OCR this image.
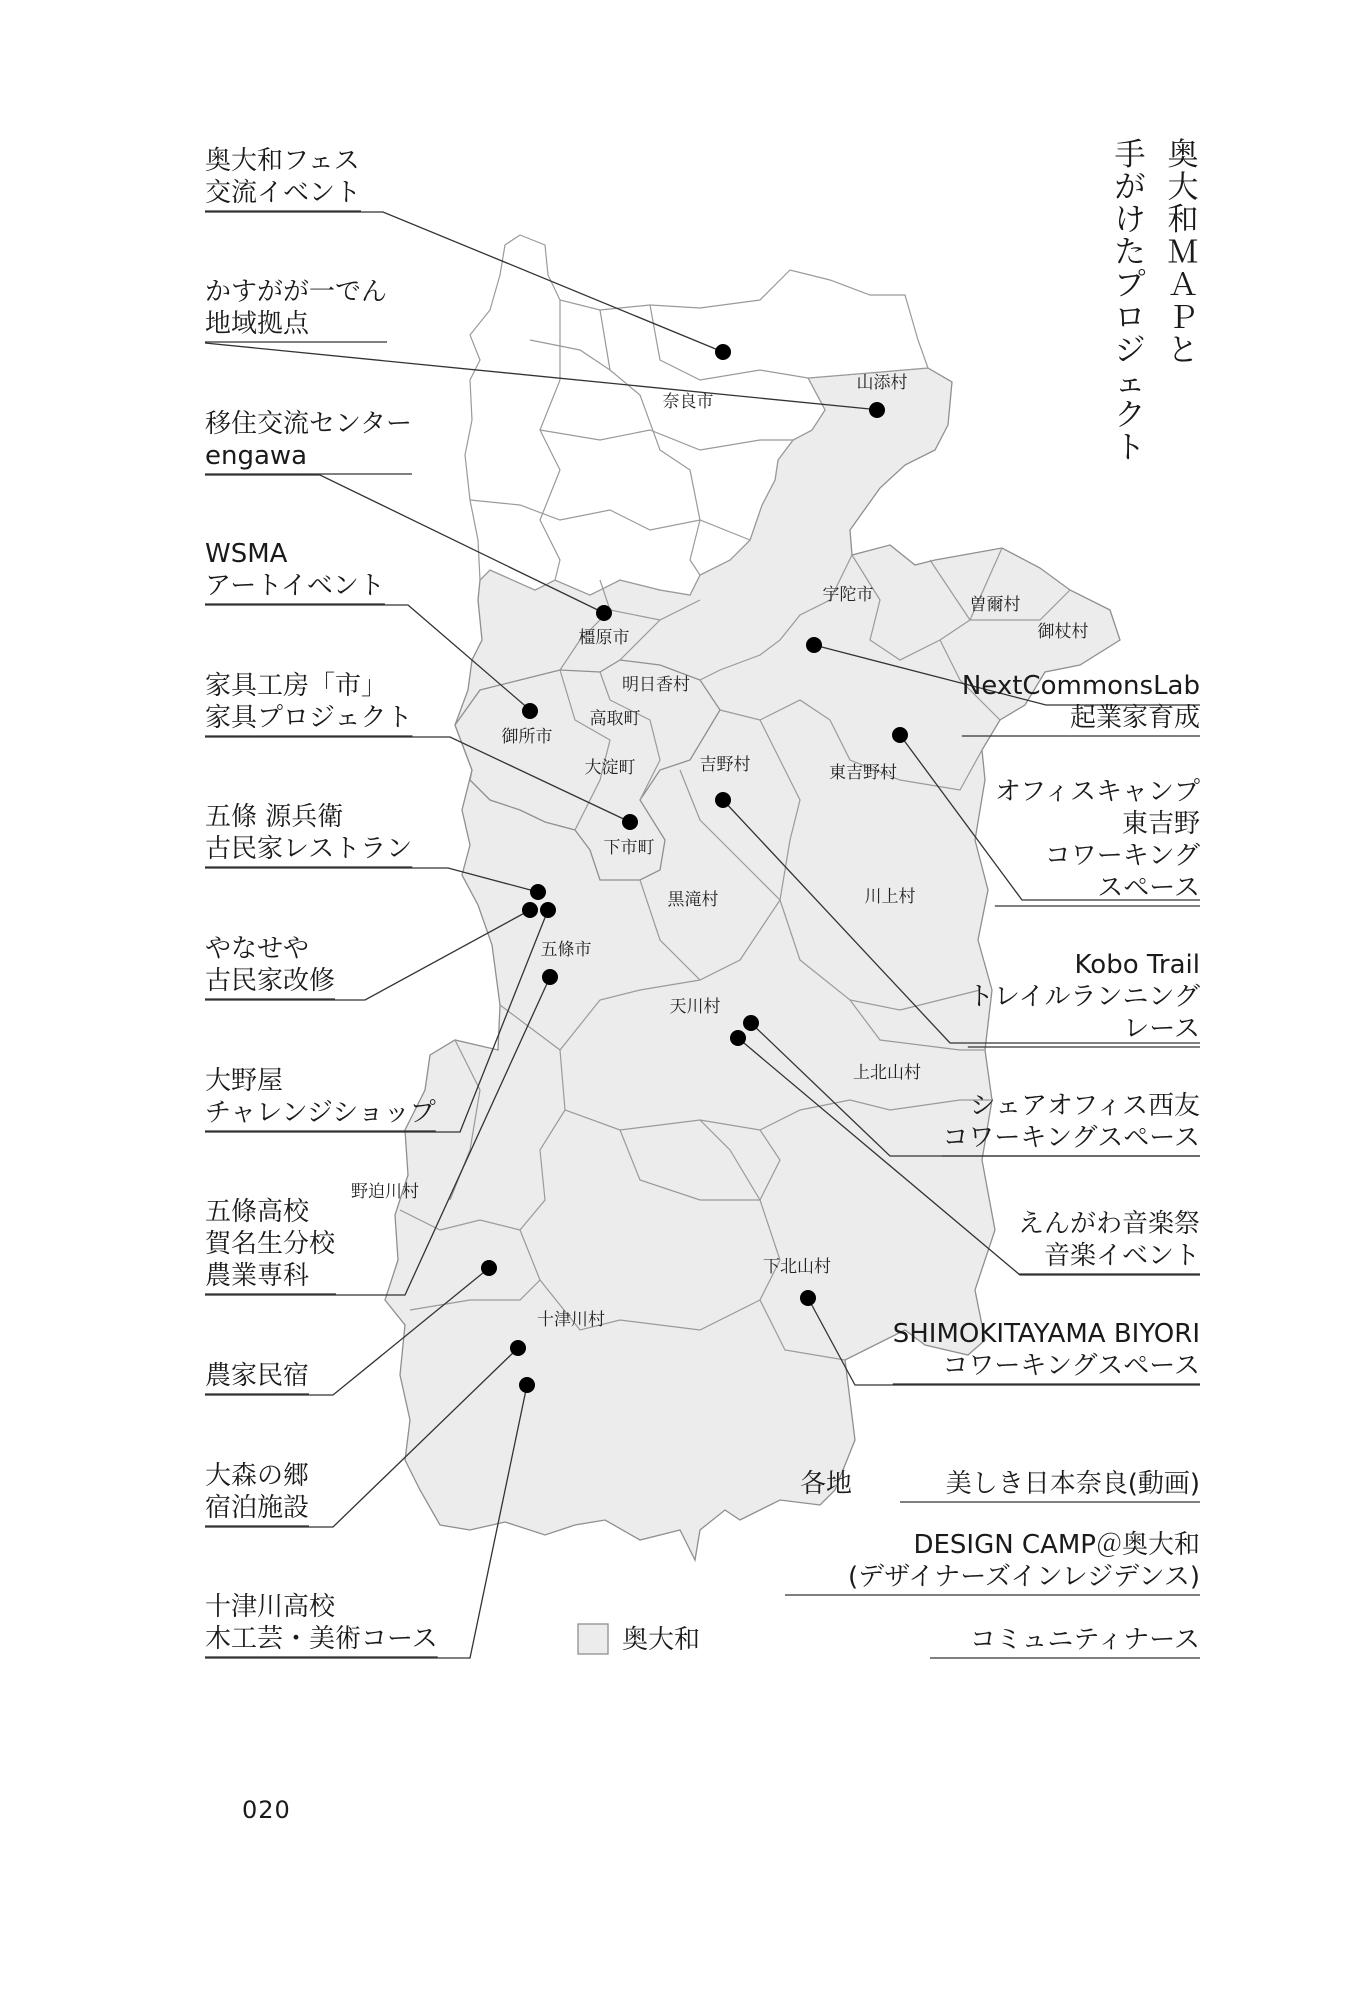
奥大和ＭＡＰと
手がけたプロジェクト
奈良市
山添村
宇陀市	曽爾村
御杖村
橿原市
明日香村
御所市
高取町
大淀町	吉野村	東吉野村
下市町
黒滝村	川上村
五條市
天川村
上北山村
野迫川村
下北山村
十津川村
奥大和フェス
交流イベント
かすがが一でん
地域拠点
移住交流センター
engawa
WSMA
アートイベント
家具工房「市」
家具プロジェクト
五條 源兵衛
古民家レストラン
やなせや
古民家改修
大野屋
チャレンジショップ
五條高校
賀名生分校
農業専科
農家民宿
大森の郷
宿泊施設
十津川高校
木工芸・美術コース
NextCommonsLab
起業家育成
オフィスキャンプ
東吉野
コワーキング
スペース
Kobo Trail
トレイルランニング
レース
シェアオフィス西友
コワーキングスペース
えんがわ音楽祭
音楽イベント
SHIMOKITAYAMA BIYORI
コワーキングスペース
各地	美しき日本奈良(動画)
DESIGN CAMP＠奥大和
(デザイナーズインレジデンス)
コミュニティナース
奥大和
020
